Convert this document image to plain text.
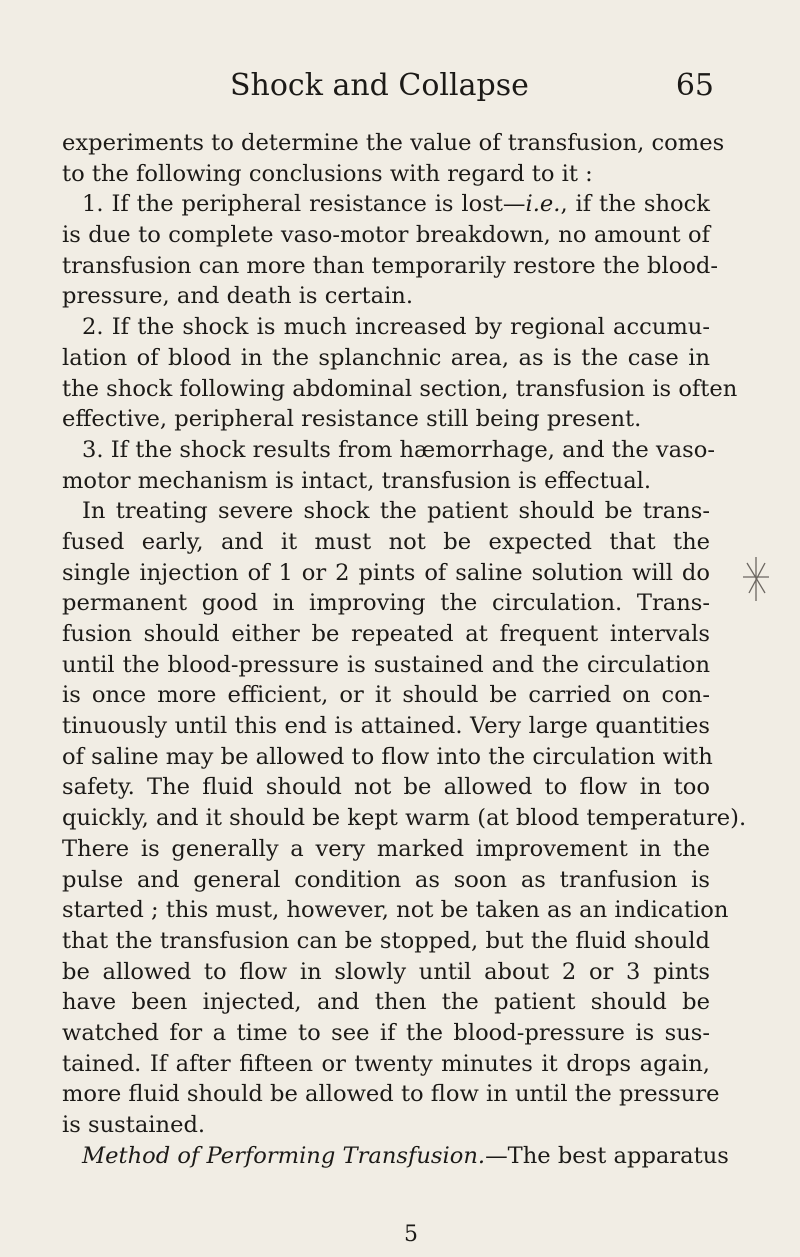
Shock and Collapse	65
experiments to determine the value of transfusion, comes
to the following conclusions with regard to it :
1. If the peripheral resistance is lost—i.e., if the shock
is due to complete vaso-motor breakdown, no amount of
transfusion can more than temporarily restore the blood-
pressure, and death is certain.
2. If the shock is much increased by regional accumu-
lation of blood in the splanchnic area, as is the case in
the shock following abdominal section, transfusion is often
effective, peripheral resistance still being present.
3. If the shock results from hæmorrhage, and the vaso-
motor mechanism is intact, transfusion is effectual.
In treating severe shock the patient should be trans-
fused early, and it must not be expected that the
single injection of 1 or 2 pints of saline solution will do
permanent good in improving the circulation. Trans-
fusion should either be repeated at frequent intervals
until the blood-pressure is sustained and the circulation
is once more efficient, or it should be carried on con-
tinuously until this end is attained. Very large quantities
of saline may be allowed to flow into the circulation with
safety. The fluid should not be allowed to flow in too
quickly, and it should be kept warm (at blood temperature).
There is generally a very marked improvement in the
pulse and general condition as soon as tranfusion is
started ; this must, however, not be taken as an indication
that the transfusion can be stopped, but the fluid should
be allowed to flow in slowly until about 2 or 3 pints
have been injected, and then the patient should be
watched for a time to see if the blood-pressure is sus-
tained. If after fifteen or twenty minutes it drops again,
more fluid should be allowed to flow in until the pressure
is sustained.
Method of Performing Transfusion.—The best apparatus
5
